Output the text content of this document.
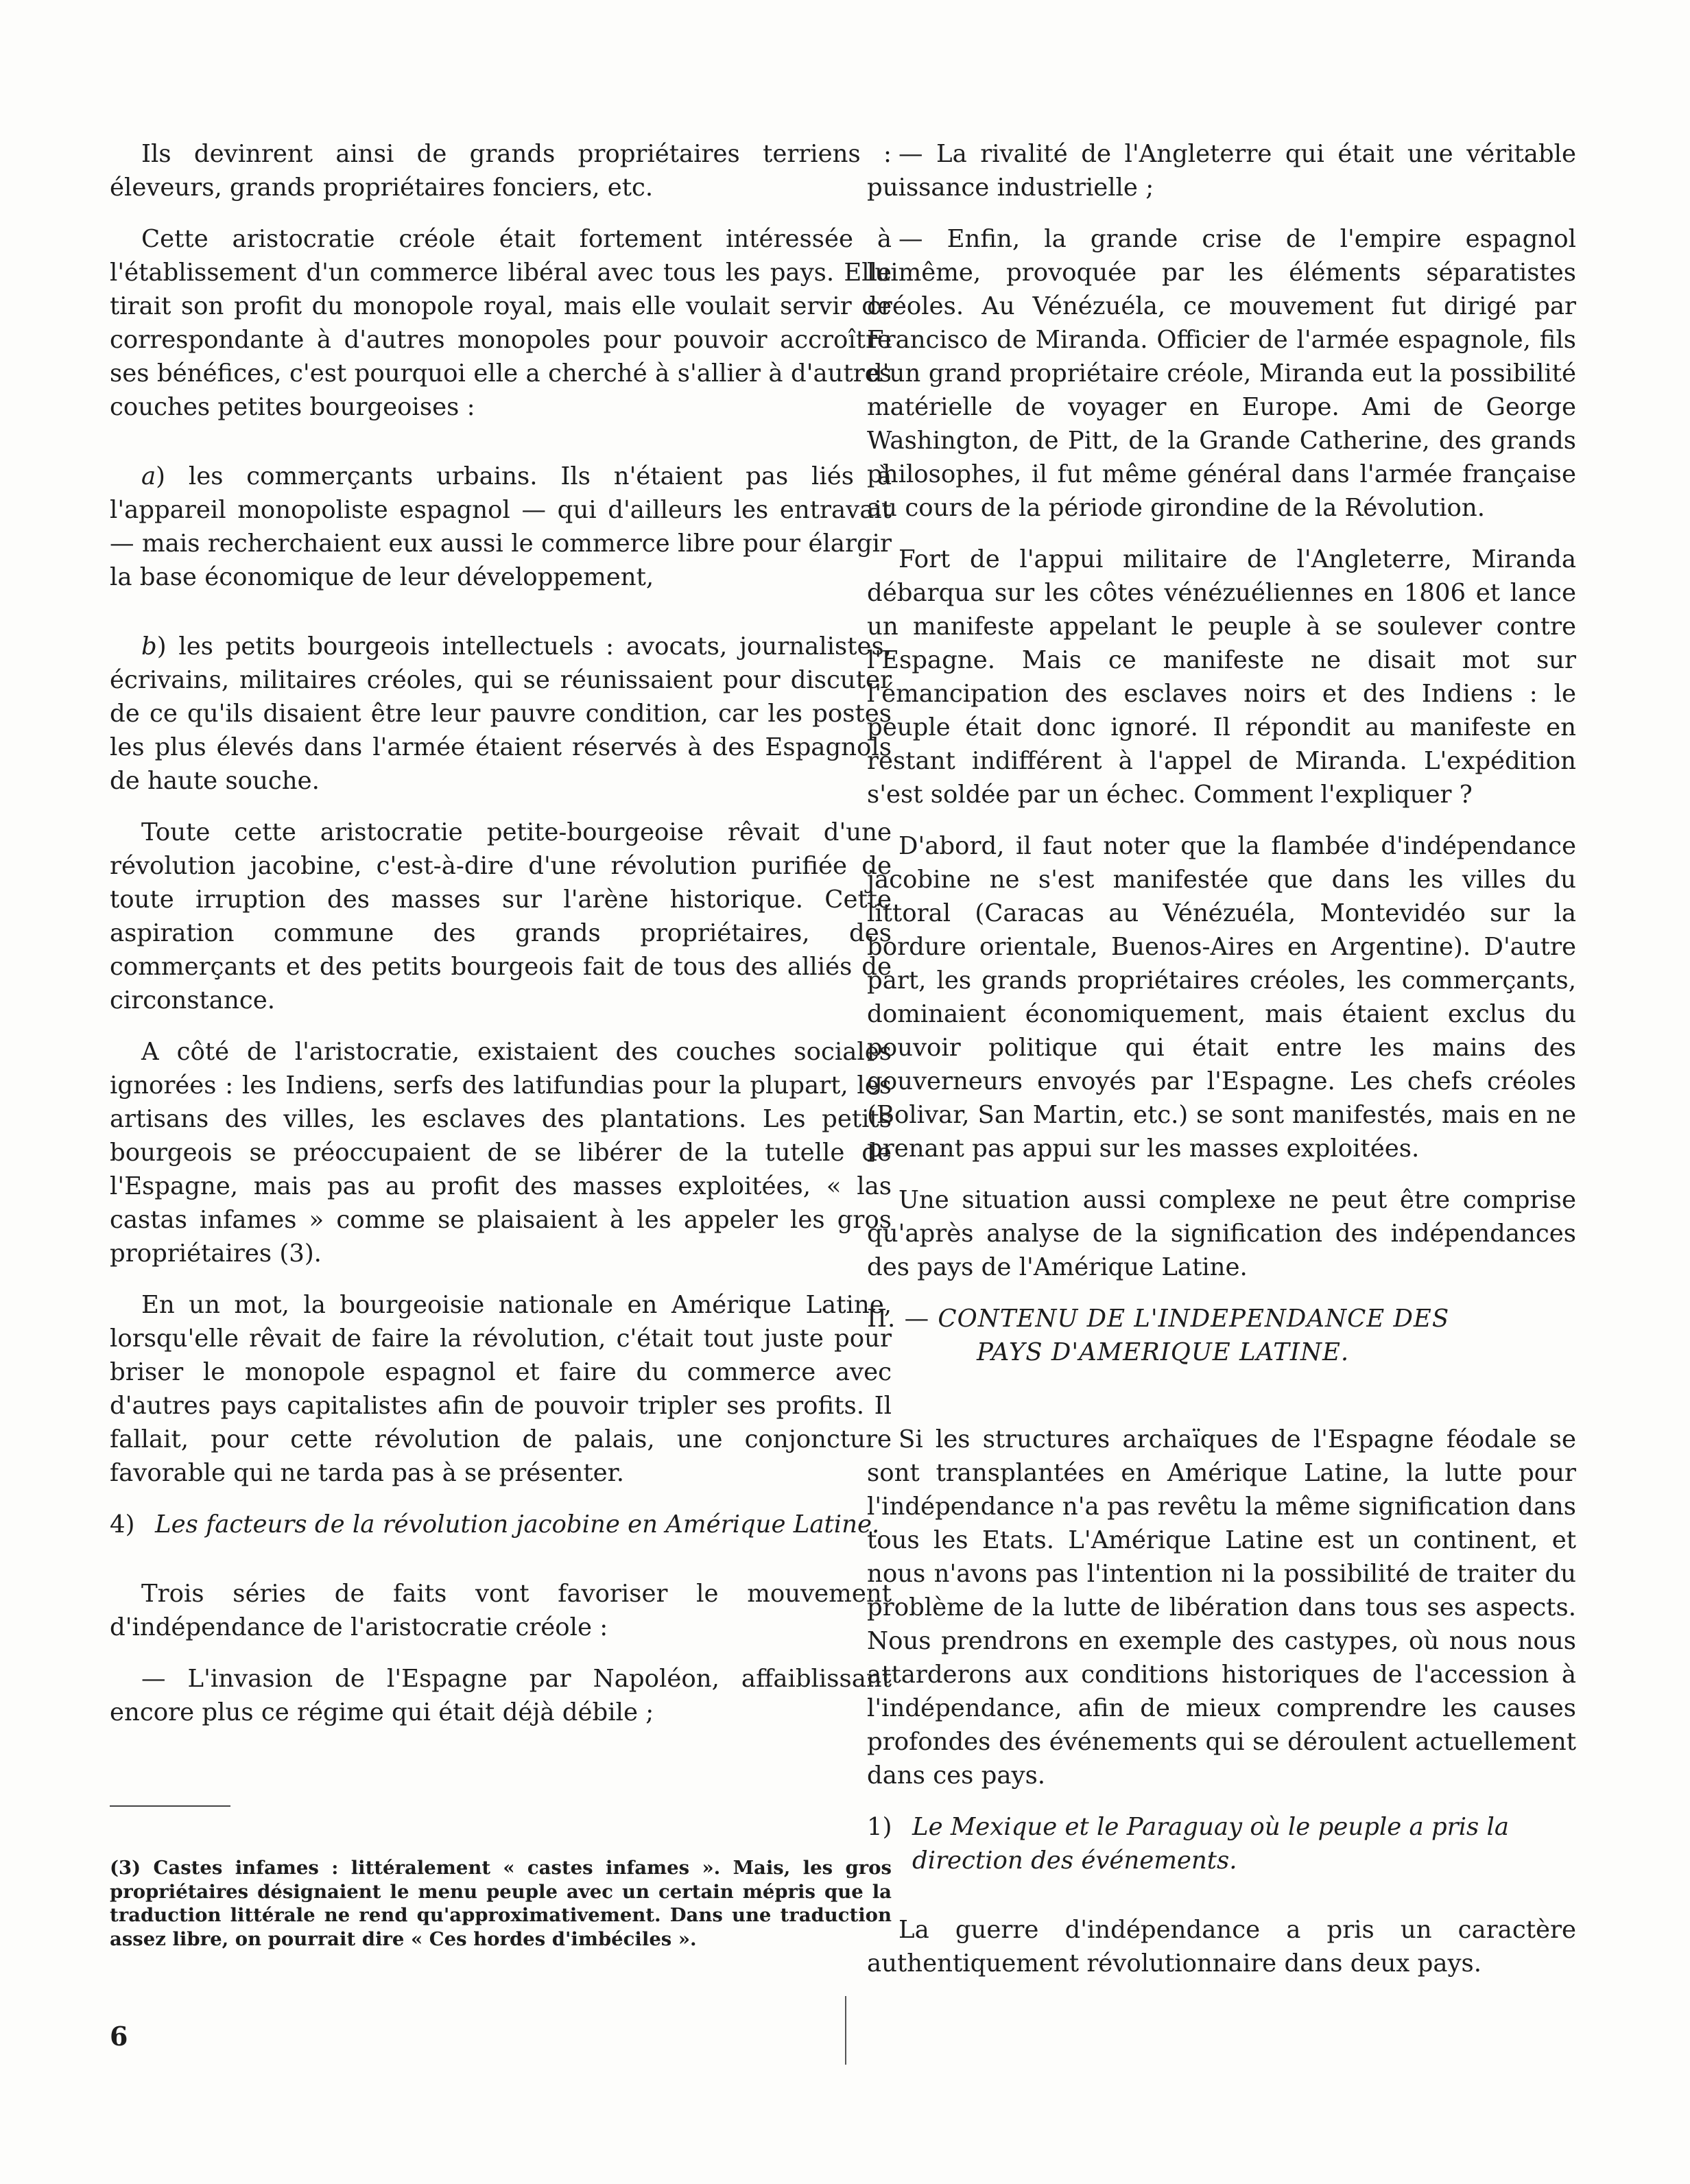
Ils devinrent ainsi de grands propriétaires terriens : éleveurs, grands propriétaires fonciers, etc.

Cette aristocratie créole était fortement intéressée à l'établissement d'un commerce libéral avec tous les pays. Elle tirait son profit du monopole royal, mais elle voulait servir de correspondante à d'autres monopoles pour pouvoir accroître ses bénéfices, c'est pourquoi elle a cherché à s'allier à d'autres couches petites bourgeoises :

a) les commerçants urbains. Ils n'étaient pas liés à l'appareil monopoliste espagnol — qui d'ailleurs les entravait — mais recherchaient eux aussi le commerce libre pour élargir la base économique de leur développement,

b) les petits bourgeois intellectuels : avocats, journalistes, écrivains, militaires créoles, qui se réunissaient pour discuter de ce qu'ils disaient être leur pauvre condition, car les postes les plus élevés dans l'armée étaient réservés à des Espagnols de haute souche.

Toute cette aristocratie petite-bourgeoise rêvait d'une révolution jacobine, c'est-à-dire d'une révolution purifiée de toute irruption des masses sur l'arène historique. Cette aspiration commune des grands propriétaires, des commerçants et des petits bourgeois fait de tous des alliés de circonstance.

A côté de l'aristocratie, existaient des couches sociales ignorées : les Indiens, serfs des latifundias pour la plupart, les artisans des villes, les esclaves des plantations. Les petits bourgeois se préoccupaient de se libérer de la tutelle de l'Espagne, mais pas au profit des masses exploitées, « las castas infames » comme se plaisaient à les appeler les gros propriétaires (3).

En un mot, la bourgeoisie nationale en Amérique Latine, lorsqu'elle rêvait de faire la révolution, c'était tout juste pour briser le monopole espagnol et faire du commerce avec d'autres pays capitalistes afin de pouvoir tripler ses profits. Il fallait, pour cette révolution de palais, une conjoncture favorable qui ne tarda pas à se présenter.

4) Les facteurs de la révolution jacobine en Amérique Latine.

Trois séries de faits vont favoriser le mouvement d'indépendance de l'aristocratie créole :

— L'invasion de l'Espagne par Napoléon, affaiblissant encore plus ce régime qui était déjà débile ;

(3) Castes infames : littéralement « castes infames ». Mais, les gros propriétaires désignaient le menu peuple avec un certain mépris que la traduction littérale ne rend qu'approximativement. Dans une traduction assez libre, on pourrait dire « Ces hordes d'imbéciles ».

6

— La rivalité de l'Angleterre qui était une véritable puissance industrielle ;

— Enfin, la grande crise de l'empire espagnol luimême, provoquée par les éléments séparatistes créoles. Au Vénézuéla, ce mouvement fut dirigé par Francisco de Miranda. Officier de l'armée espagnole, fils d'un grand propriétaire créole, Miranda eut la possibilité matérielle de voyager en Europe. Ami de George Washington, de Pitt, de la Grande Catherine, des grands philosophes, il fut même général dans l'armée française au cours de la période girondine de la Révolution.

Fort de l'appui militaire de l'Angleterre, Miranda débarqua sur les côtes vénézuéliennes en 1806 et lance un manifeste appelant le peuple à se soulever contre l'Espagne. Mais ce manifeste ne disait mot sur l'émancipation des esclaves noirs et des Indiens : le peuple était donc ignoré. Il répondit au manifeste en restant indifférent à l'appel de Miranda. L'expédition s'est soldée par un échec. Comment l'expliquer ?

D'abord, il faut noter que la flambée d'indépendance jacobine ne s'est manifestée que dans les villes du littoral (Caracas au Vénézuéla, Montevidéo sur la bordure orientale, Buenos-Aires en Argentine). D'autre part, les grands propriétaires créoles, les commerçants, dominaient économiquement, mais étaient exclus du pouvoir politique qui était entre les mains des gouverneurs envoyés par l'Espagne. Les chefs créoles (Bolivar, San Martin, etc.) se sont manifestés, mais en ne prenant pas appui sur les masses exploitées.

Une situation aussi complexe ne peut être comprise qu'après analyse de la signification des indépendances des pays de l'Amérique Latine.

II. — CONTENU DE L'INDEPENDANCE DES
PAYS D'AMERIQUE LATINE.

Si les structures archaïques de l'Espagne féodale se sont transplantées en Amérique Latine, la lutte pour l'indépendance n'a pas revêtu la même signification dans tous les Etats. L'Amérique Latine est un continent, et nous n'avons pas l'intention ni la possibilité de traiter du problème de la lutte de libération dans tous ses aspects. Nous prendrons en exemple des castypes, où nous nous attarderons aux conditions historiques de l'accession à l'indépendance, afin de mieux comprendre les causes profondes des événements qui se déroulent actuellement dans ces pays.

1) Le Mexique et le Paraguay où le peuple a pris la direction des événements.

La guerre d'indépendance a pris un caractère authentiquement révolutionnaire dans deux pays.
